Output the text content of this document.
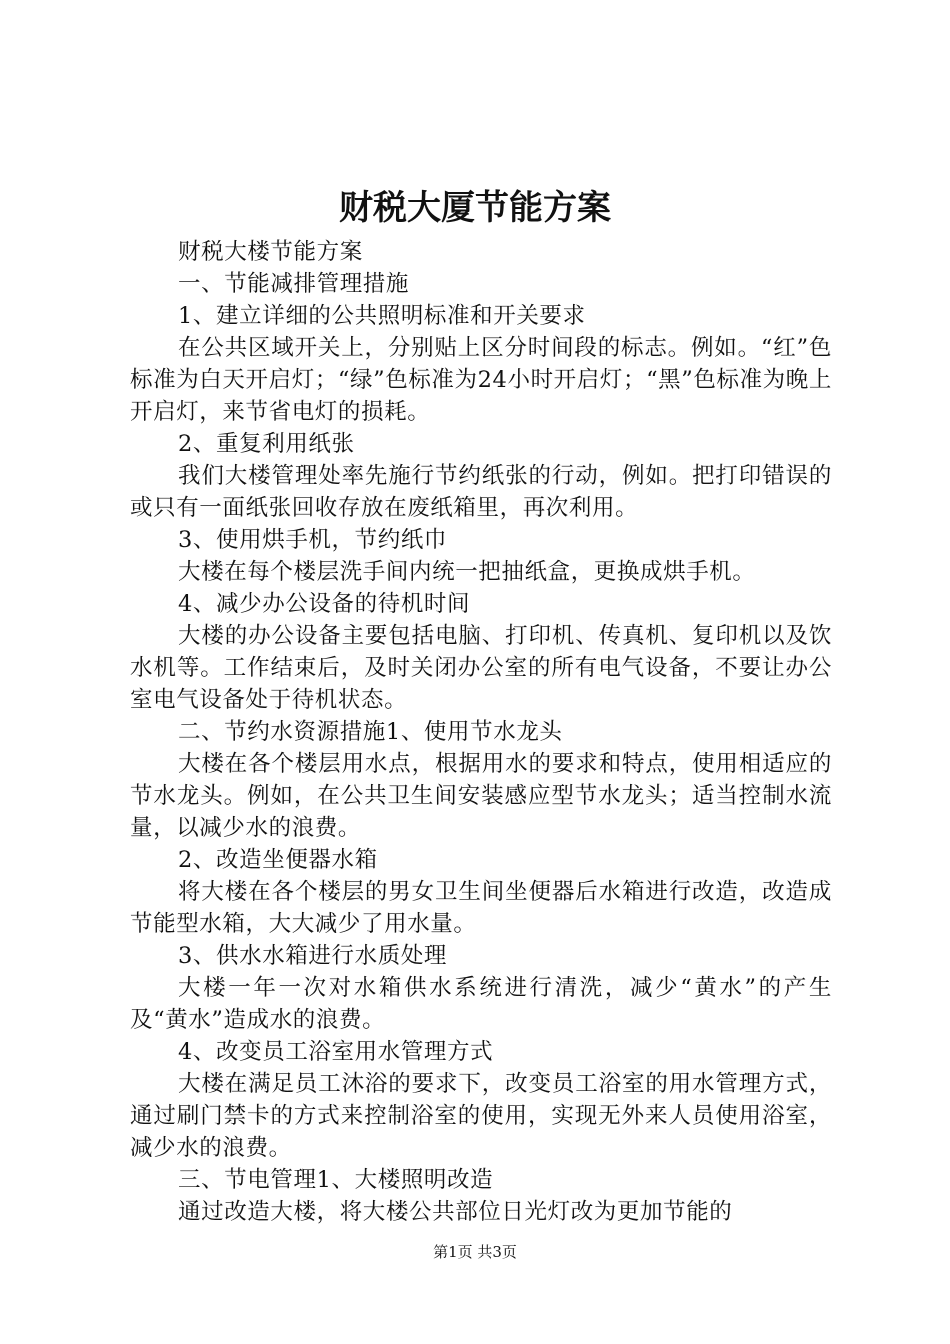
财税大厦节能方案

财税大楼节能方案

一、节能减排管理措施

1、建立详细的公共照明标准和开关要求

在公共区域开关上，分别贴上区分时间段的标志。例如。“红”色标准为白天开启灯；“绿”色标准为24小时开启灯；“黑”色标准为晚上开启灯，来节省电灯的损耗。

2、重复利用纸张

我们大楼管理处率先施行节约纸张的行动，例如。把打印错误的或只有一面纸张回收存放在废纸箱里，再次利用。

3、使用烘手机，节约纸巾

大楼在每个楼层洗手间内统一把抽纸盒，更换成烘手机。

4、减少办公设备的待机时间

大楼的办公设备主要包括电脑、打印机、传真机、复印机以及饮水机等。工作结束后，及时关闭办公室的所有电气设备，不要让办公室电气设备处于待机状态。

二、节约水资源措施1、使用节水龙头

大楼在各个楼层用水点，根据用水的要求和特点，使用相适应的节水龙头。例如，在公共卫生间安装感应型节水龙头；适当控制水流量，以减少水的浪费。

2、改造坐便器水箱

将大楼在各个楼层的男女卫生间坐便器后水箱进行改造，改造成节能型水箱，大大减少了用水量。

3、供水水箱进行水质处理

大楼一年一次对水箱供水系统进行清洗，减少“黄水”的产生及“黄水”造成水的浪费。

4、改变员工浴室用水管理方式

大楼在满足员工沐浴的要求下，改变员工浴室的用水管理方式，通过刷门禁卡的方式来控制浴室的使用，实现无外来人员使用浴室，减少水的浪费。

三、节电管理1、大楼照明改造

通过改造大楼，将大楼公共部位日光灯改为更加节能的

第1页 共3页
